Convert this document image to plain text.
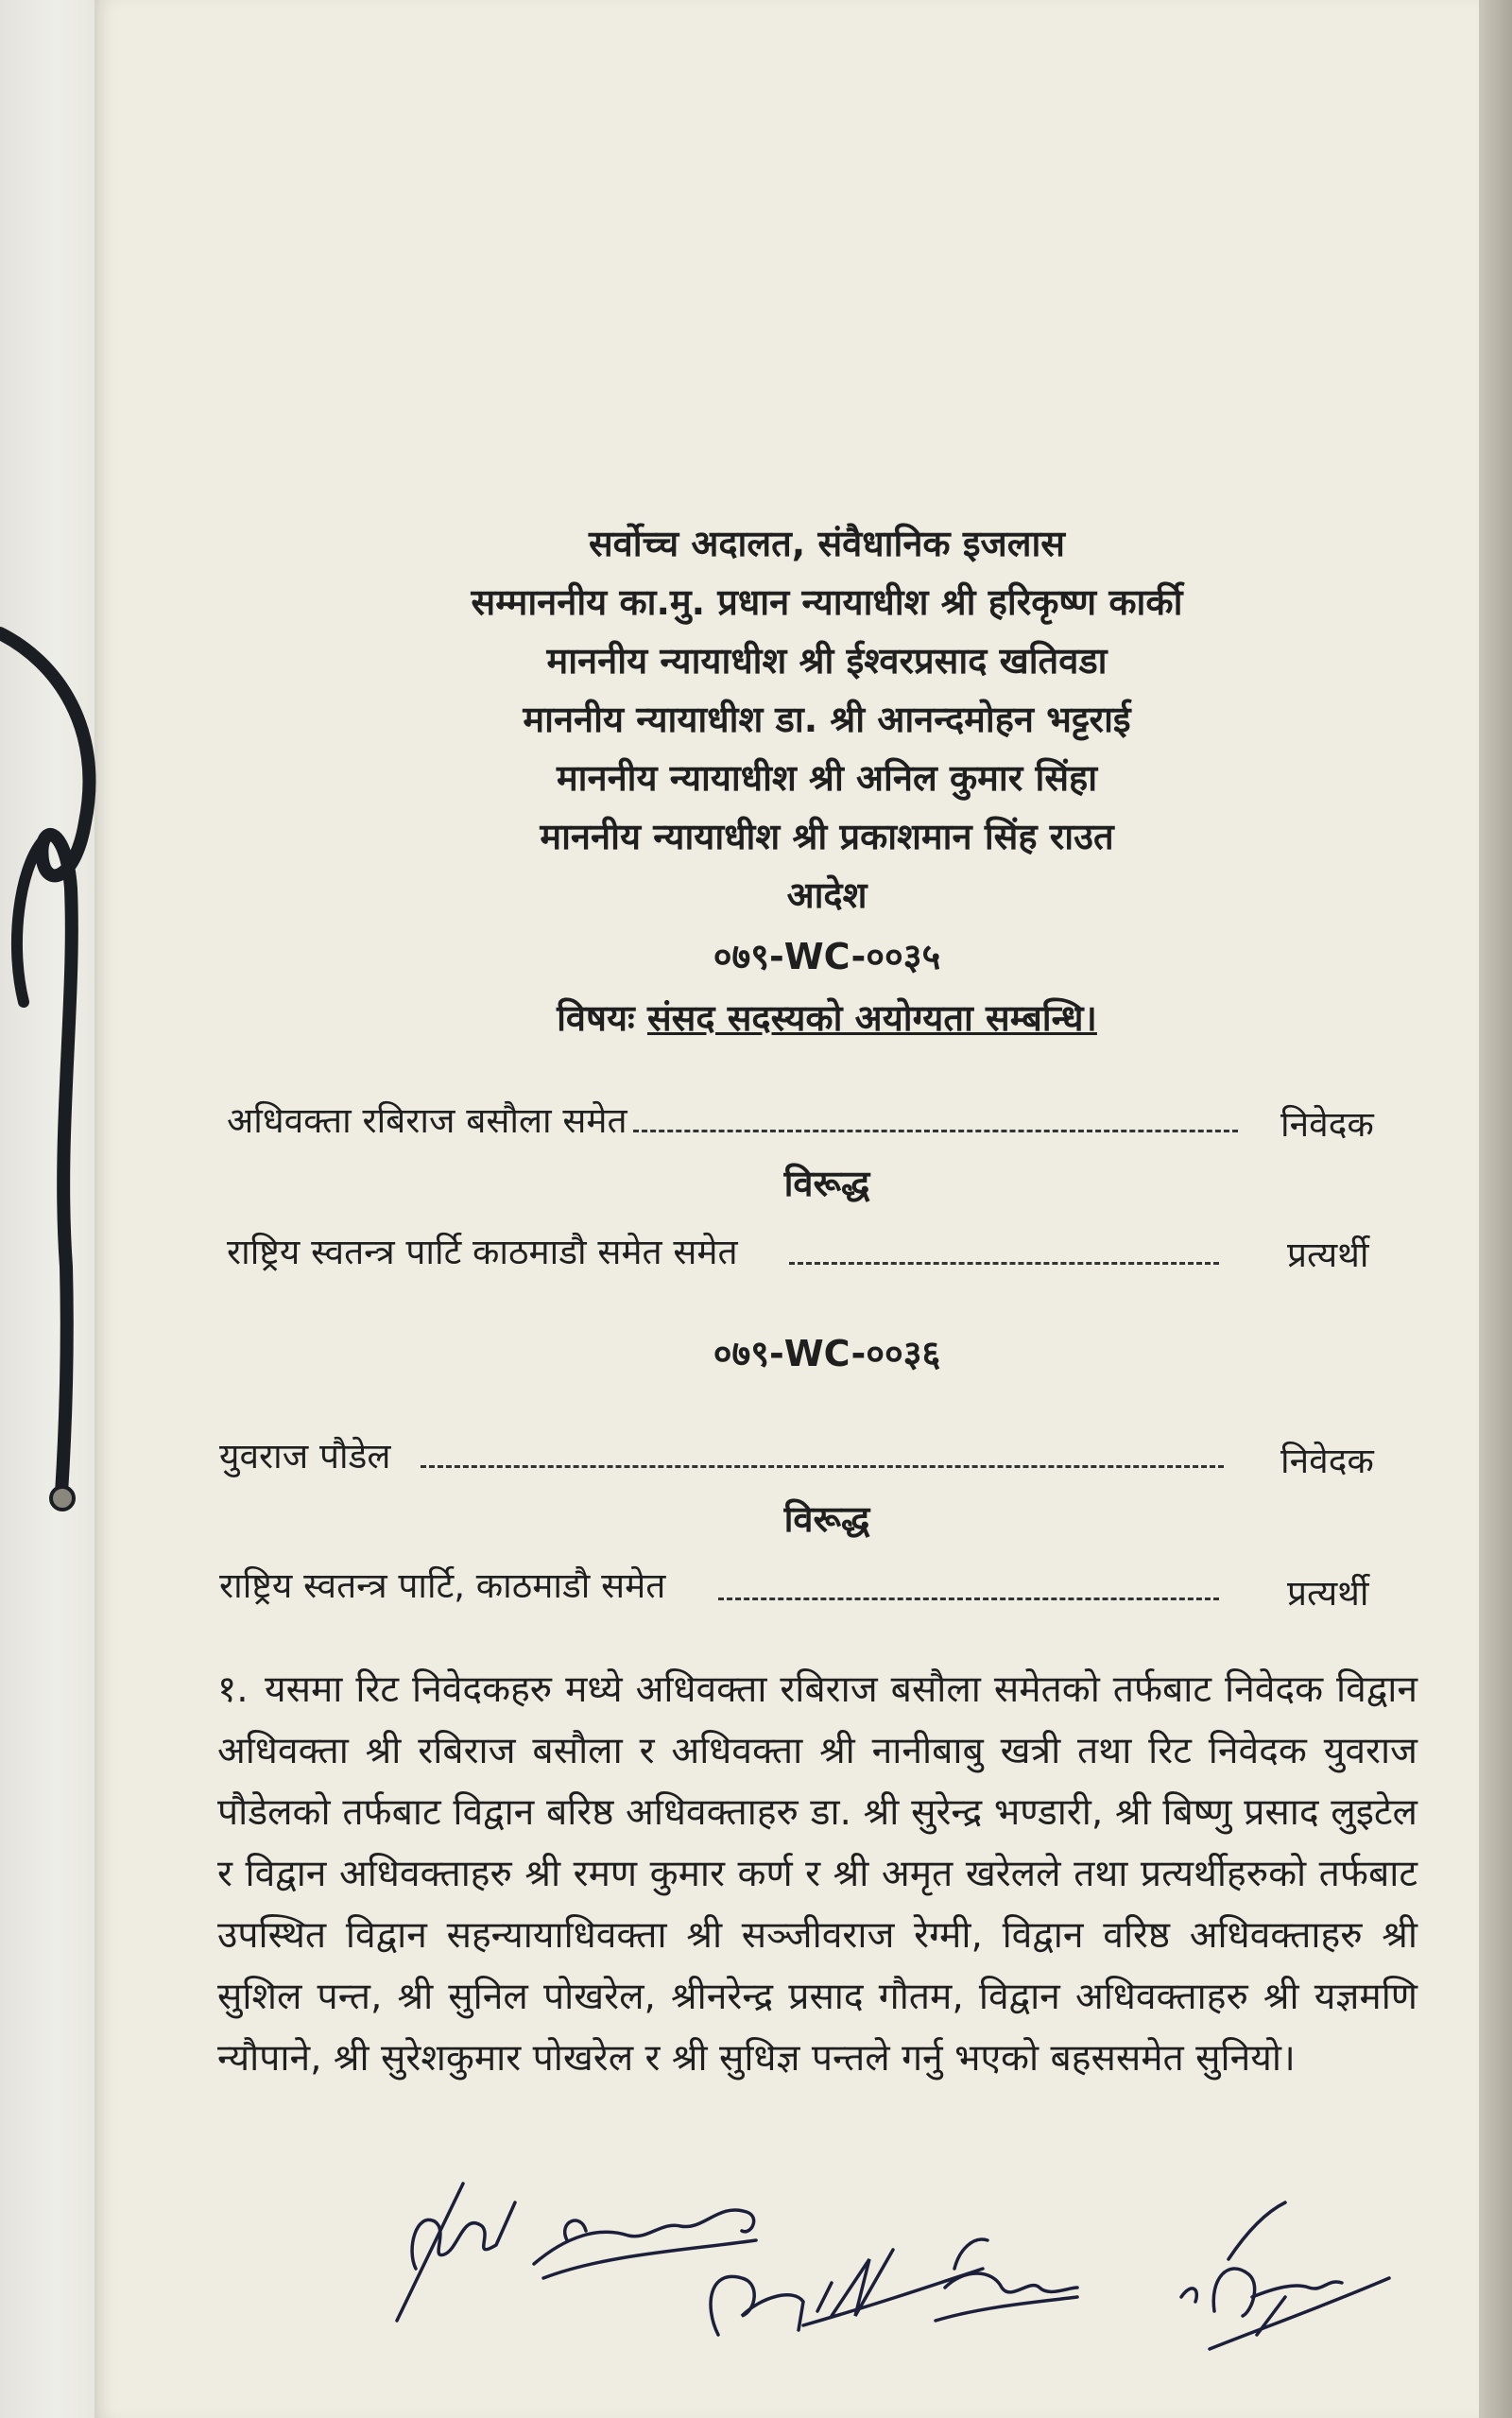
सर्वोच्च अदालत, संवैधानिक इजलास
सम्माननीय का.मु. प्रधान न्यायाधीश श्री हरिकृष्ण कार्की
माननीय न्यायाधीश श्री ईश्वरप्रसाद खतिवडा
माननीय न्यायाधीश डा. श्री आनन्दमोहन भट्टराई
माननीय न्यायाधीश श्री अनिल कुमार सिंहा
माननीय न्यायाधीश श्री प्रकाशमान सिंह राउत
आदेश
०७९-WC-००३५
विषयः संसद सदस्यको अयोग्यता सम्बन्धि।
अधिवक्ता रबिराज बसौला समेत	निवेदक
विरूद्ध
राष्ट्रिय स्वतन्त्र पार्टि काठमाडौ समेत समेत	प्रत्यर्थी
०७९-WC-००३६
युवराज पौडेल	निवेदक
विरूद्ध
राष्ट्रिय स्वतन्त्र पार्टि, काठमाडौ समेत	प्रत्यर्थी
१. यसमा रिट निवेदकहरु मध्ये अधिवक्ता रबिराज बसौला समेतको तर्फबाट निवेदक विद्वान अधिवक्ता श्री रबिराज बसौला र अधिवक्ता श्री नानीबाबु खत्री तथा रिट निवेदक युवराज पौडेलको तर्फबाट विद्वान बरिष्ठ अधिवक्ताहरु डा. श्री सुरेन्द्र भण्डारी, श्री बिष्णु प्रसाद लुइटेल र विद्वान अधिवक्ताहरु श्री रमण कुमार कर्ण र श्री अमृत खरेलले तथा प्रत्यर्थीहरुको तर्फबाट उपस्थित विद्वान सहन्यायाधिवक्ता श्री सञ्जीवराज रेग्मी, विद्वान वरिष्ठ अधिवक्ताहरु श्री सुशिल पन्त, श्री सुनिल पोखरेल, श्रीनरेन्द्र प्रसाद गौतम, विद्वान अधिवक्ताहरु श्री यज्ञमणि न्यौपाने, श्री सुरेशकुमार पोखरेल र श्री सुधिज्ञ पन्तले गर्नु भएको बहससमेत सुनियो।
